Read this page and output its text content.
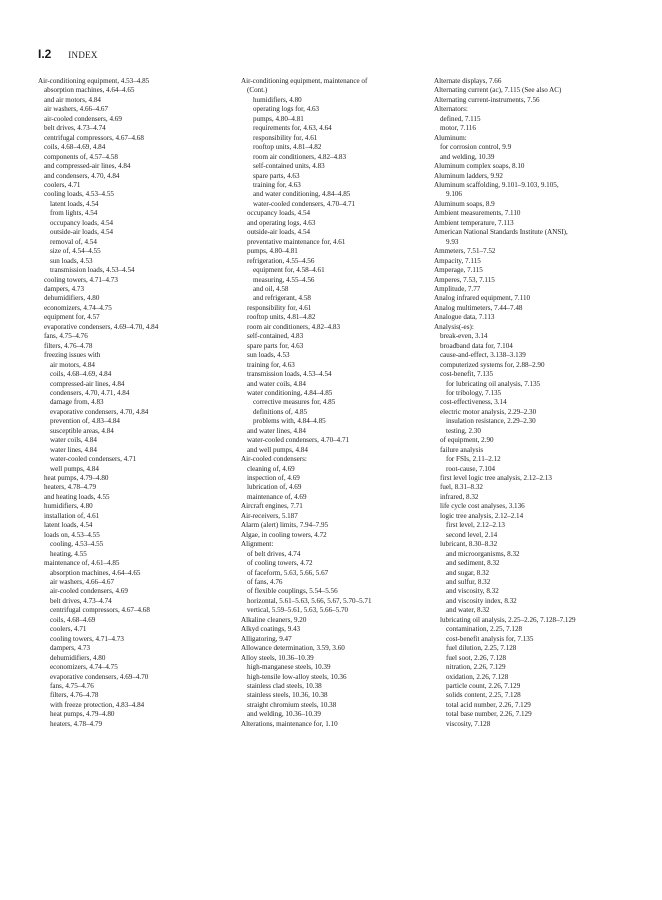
I.2 INDEX
Air-conditioning equipment, 4.53–4.85
absorption machines, 4.64–4.65
and air motors, 4.84
air washers, 4.66–4.67
air-cooled condensers, 4.69
belt drives, 4.73–4.74
centrifugal compressors, 4.67–4.68
coils, 4.68–4.69, 4.84
components of, 4.57–4.58
and compressed-air lines, 4.84
and condensers, 4.70, 4.84
coolers, 4.71
cooling loads, 4.53–4.55
latent loads, 4.54
from lights, 4.54
occupancy loads, 4.54
outside-air loads, 4.54
removal of, 4.54
size of, 4.54–4.55
sun loads, 4.53
transmission loads, 4.53–4.54
cooling towers, 4.71–4.73
dampers, 4.73
dehumidifiers, 4.80
economizers, 4.74–4.75
equipment for, 4.57
evaporative condensers, 4.69–4.70, 4.84
fans, 4.75–4.76
filters, 4.76–4.78
freezing issues with
air motors, 4.84
coils, 4.68–4.69, 4.84
compressed-air lines, 4.84
condensers, 4.70, 4.71, 4.84
damage from, 4.83
evaporative condensers, 4.70, 4.84
prevention of, 4.83–4.84
susceptible areas, 4.84
water coils, 4.84
water lines, 4.84
water-cooled condensers, 4.71
well pumps, 4.84
heat pumps, 4.79–4.80
heaters, 4.78–4.79
and heating loads, 4.55
humidifiers, 4.80
installation of, 4.61
latent loads, 4.54
loads on, 4.53–4.55
cooling, 4.53–4.55
heating, 4.55
maintenance of, 4.61–4.85
absorption machines, 4.64–4.65
air washers, 4.66–4.67
air-cooled condensers, 4.69
belt drives, 4.73–4.74
centrifugal compressors, 4.67–4.68
coils, 4.68–4.69
coolers, 4.71
cooling towers, 4.71–4.73
dampers, 4.73
dehumidifiers, 4.80
economizers, 4.74–4.75
evaporative condensers, 4.69–4.70
fans, 4.75–4.76
filters, 4.76–4.78
with freeze protection, 4.83–4.84
heat pumps, 4.79–4.80
heaters, 4.78–4.79
Air-conditioning equipment, maintenance of
(Cont.)
humidifiers, 4.80
operating logs for, 4.63
pumps, 4.80–4.81
requirements for, 4.63, 4.64
responsibility for, 4.61
rooftop units, 4.81–4.82
room air conditioners, 4.82–4.83
self-contained units, 4.83
spare parts, 4.63
training for, 4.63
and water conditioning, 4.84–4.85
water-cooled condensers, 4.70–4.71
occupancy loads, 4.54
and operating logs, 4.63
outside-air loads, 4.54
preventative maintenance for, 4.61
pumps, 4.80–4.81
refrigeration, 4.55–4.56
equipment for, 4.58–4.61
measuring, 4.55–4.56
and oil, 4.58
and refrigerant, 4.58
responsibility for, 4.61
rooftop units, 4.81–4.82
room air conditioners, 4.82–4.83
self-contained, 4.83
spare parts for, 4.63
sun loads, 4.53
training for, 4.63
transmission loads, 4.53–4.54
and water coils, 4.84
water conditioning, 4.84–4.85
corrective measures for, 4.85
definitions of, 4.85
problems with, 4.84–4.85
and water lines, 4.84
water-cooled condensers, 4.70–4.71
and well pumps, 4.84
Air-cooled condensers:
cleaning of, 4.69
inspection of, 4.69
lubrication of, 4.69
maintenance of, 4.69
Aircraft engines, 7.71
Air-receivers, 5.187
Alarm (alert) limits, 7.94–7.95
Algae, in cooling towers, 4.72
Alignment:
of belt drives, 4.74
of cooling towers, 4.72
of faceform, 5.63, 5.66, 5.67
of fans, 4.76
of flexible couplings, 5.54–5.56
horizontal, 5.61–5.63, 5.66, 5.67, 5.70–5.71
vertical, 5.59–5.61, 5.63, 5.66–5.70
Alkaline cleaners, 9.20
Alkyd coatings, 9.43
Alligatoring, 9.47
Allowance determination, 3.59, 3.60
Alloy steels, 10.36–10.39
high-manganese steels, 10.39
high-tensile low-alloy steels, 10.36
stainless clad steels, 10.38
stainless steels, 10.36, 10.38
straight chromium steels, 10.38
and welding, 10.36–10.39
Alterations, maintenance for, 1.10
Alternate displays, 7.66
Alternating current (ac), 7.115 (See also AC)
Alternating current-instruments, 7.56
Alternators:
defined, 7.115
motor, 7.116
Aluminum:
for corrosion control, 9.9
and welding, 10.39
Aluminum complex soaps, 8.10
Aluminum ladders, 9.92
Aluminum scaffolding, 9.101–9.103, 9.105,
9.106
Aluminum soaps, 8.9
Ambient measurements, 7.110
Ambient temperature, 7.113
American National Standards Institute (ANSI),
9.93
Ammeters, 7.51–7.52
Ampacity, 7.115
Amperage, 7.115
Amperes, 7.53, 7.115
Amplitude, 7.77
Analog infrared equipment, 7.110
Analog multimeters, 7.44–7.48
Analogue data, 7.113
Analysis(-es):
break-even, 3.14
broadband data for, 7.104
cause-and-effect, 3.138–3.139
computerized systems for, 2.88–2.90
cost-benefit, 7.135
for lubricating oil analysis, 7.135
for tribology, 7.135
cost-effectiveness, 3.14
electric motor analysis, 2.29–2.30
insulation resistance, 2.29–2.30
testing, 2.30
of equipment, 2.90
failure analysis
for FSIs, 2.11–2.12
root-cause, 7.104
first level logic tree analysis, 2.12–2.13
fuel, 8.31–8.32
infrared, 8.32
life cycle cost analyses, 3.136
logic tree analysis, 2.12–2.14
first level, 2.12–2.13
second level, 2.14
lubricant, 8.30–8.32
and microorganisms, 8.32
and sediment, 8.32
and sugar, 8.32
and sulfur, 8.32
and viscosity, 8.32
and viscosity index, 8.32
and water, 8.32
lubricating oil analysis, 2.25–2.26, 7.128–7.129
contamination, 2.25, 7.128
cost-benefit analysis for, 7.135
fuel dilution, 2.25, 7.128
fuel soot, 2.26, 7.128
nitration, 2.26, 7.129
oxidation, 2.26, 7.128
particle count, 2.26, 7.129
solids content, 2.25, 7.128
total acid number, 2.26, 7.129
total base number, 2.26, 7.129
viscosity, 7.128
